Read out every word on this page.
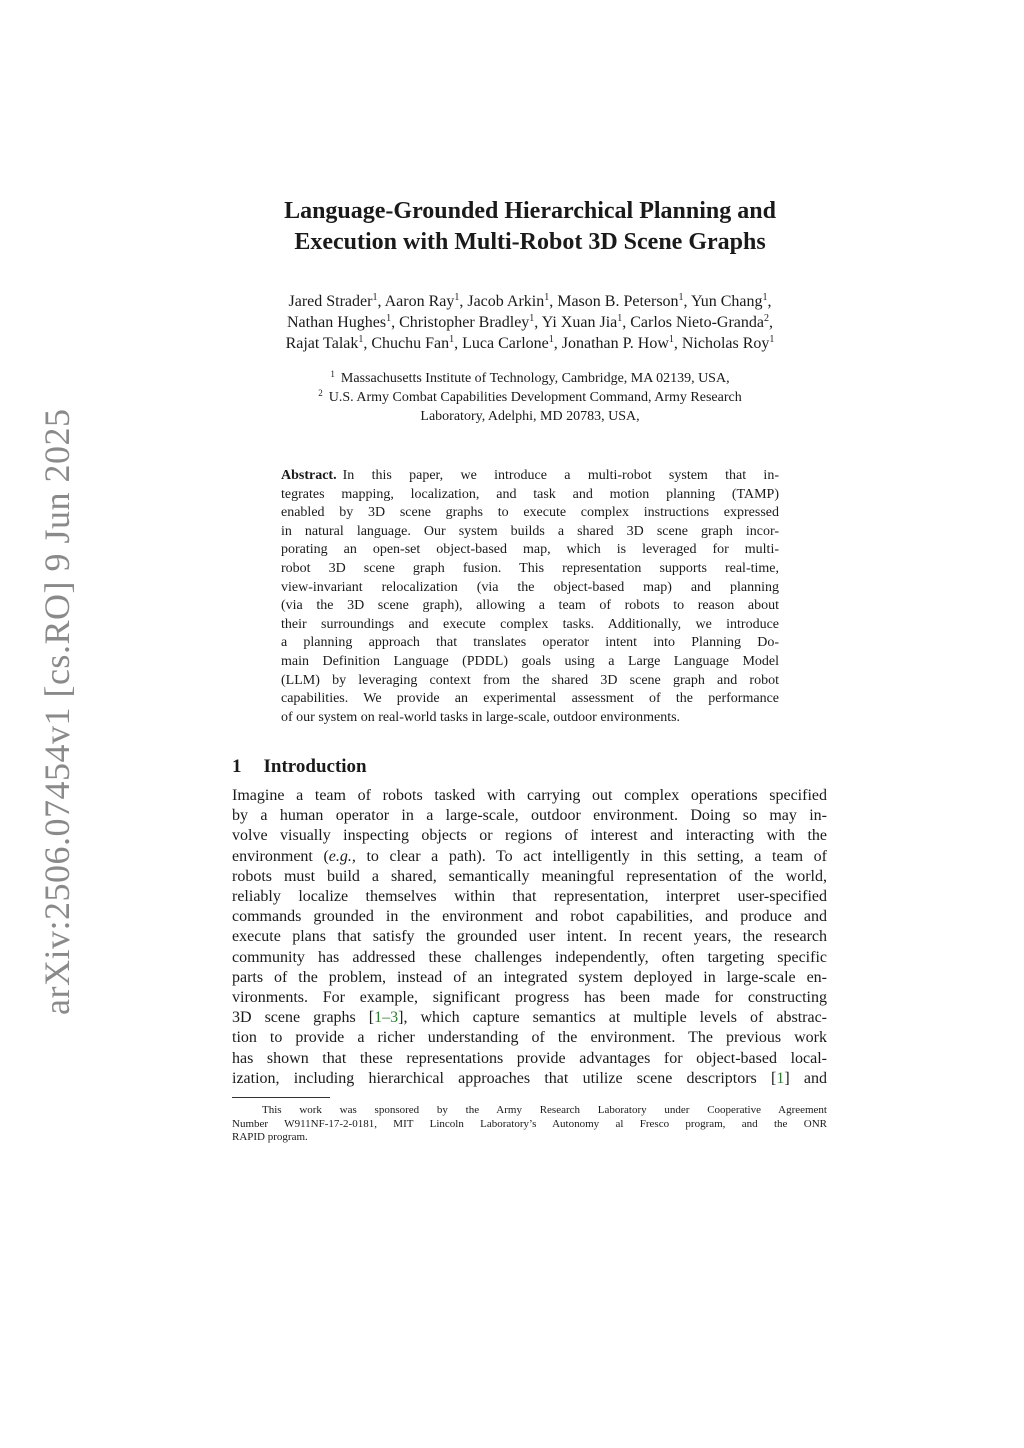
arXiv:2506.07454v1 [cs.RO] 9 Jun 2025
Language-Grounded Hierarchical Planning and
Execution with Multi-Robot 3D Scene Graphs
Jared Strader$^1$, Aaron Ray$^1$, Jacob Arkin$^1$, Mason B. Peterson$^1$, Yun Chang$^1$,
Nathan Hughes$^1$, Christopher Bradley$^1$, Yi Xuan Jia$^1$, Carlos Nieto-Granda$^2$,
Rajat Talak$^1$, Chuchu Fan$^1$, Luca Carlone$^1$, Jonathan P. How$^1$, Nicholas Roy$^1$
$^1$ Massachusetts Institute of Technology, Cambridge, MA 02139, USA,
$^2$ U.S. Army Combat Capabilities Development Command, Army Research
Laboratory, Adelphi, MD 20783, USA,
Abstract. In this paper, we introduce a multi-robot system that in-
tegrates mapping, localization, and task and motion planning (TAMP)
enabled by 3D scene graphs to execute complex instructions expressed
in natural language. Our system builds a shared 3D scene graph incor-
porating an open-set object-based map, which is leveraged for multi-
robot 3D scene graph fusion. This representation supports real-time,
view-invariant relocalization (via the object-based map) and planning
(via the 3D scene graph), allowing a team of robots to reason about
their surroundings and execute complex tasks. Additionally, we introduce
a planning approach that translates operator intent into Planning Do-
main Definition Language (PDDL) goals using a Large Language Model
(LLM) by leveraging context from the shared 3D scene graph and robot
capabilities. We provide an experimental assessment of the performance
of our system on real-world tasks in large-scale, outdoor environments.
1 Introduction
Imagine a team of robots tasked with carrying out complex operations specified
by a human operator in a large-scale, outdoor environment. Doing so may in-
volve visually inspecting objects or regions of interest and interacting with the
environment (e.g., to clear a path). To act intelligently in this setting, a team of
robots must build a shared, semantically meaningful representation of the world,
reliably localize themselves within that representation, interpret user-specified
commands grounded in the environment and robot capabilities, and produce and
execute plans that satisfy the grounded user intent. In recent years, the research
community has addressed these challenges independently, often targeting specific
parts of the problem, instead of an integrated system deployed in large-scale en-
vironments. For example, significant progress has been made for constructing
3D scene graphs [1–3], which capture semantics at multiple levels of abstrac-
tion to provide a richer understanding of the environment. The previous work
has shown that these representations provide advantages for object-based local-
ization, including hierarchical approaches that utilize scene descriptors [1] and
This work was sponsored by the Army Research Laboratory under Cooperative Agreement
Number W911NF-17-2-0181, MIT Lincoln Laboratory’s Autonomy al Fresco program, and the ONR
RAPID program.
